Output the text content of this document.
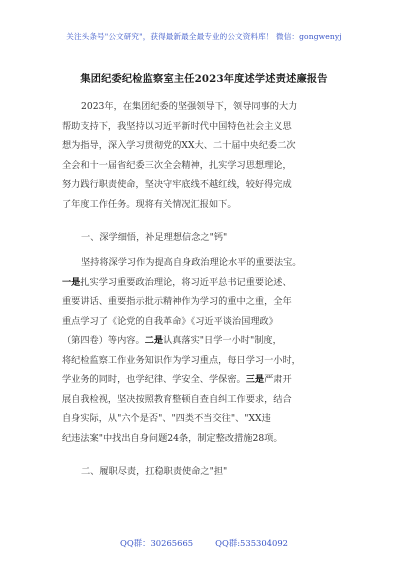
关注头条号"公文研究"，获得最新最全最专业的公文资料库！ 微信：gongwenyj
集团纪委纪检监察室主任2023年度述学述责述廉报告
2023年，在集团纪委的坚强领导下，领导同事的大力
帮助支持下，我坚持以习近平新时代中国特色社会主义思
想为指导，深入学习贯彻党的XX大、二十届中央纪委二次
全会和十一届省纪委三次全会精神，扎实学习思想理论，
努力践行职责使命，坚决守牢底线不越红线，较好得完成
了年度工作任务。现将有关情况汇报如下。
一、深学细悟，补足理想信念之"钙"
坚持将深学习作为提高自身政治理论水平的重要法宝。
一是扎实学习重要政治理论，将习近平总书记重要论述、
重要讲话、重要指示批示精神作为学习的重中之重，全年
重点学习了《论党的自我革命》《习近平谈治国理政》
（第四卷）等内容。二是认真落实"日学一小时"制度，
将纪检监察工作业务知识作为学习重点，每日学习一小时，
学业务的同时，也学纪律、学安全、学保密。三是严肃开
展自我检视，坚决按照教育整顿自查自纠工作要求，结合
自身实际，从"六个是否"、"四类不当交往"、"XX违
纪违法案"中找出自身问题24条，制定整改措施28项。
二、履职尽责，扛稳职责使命之"担"
QQ群：30265665	QQ群:535304092
